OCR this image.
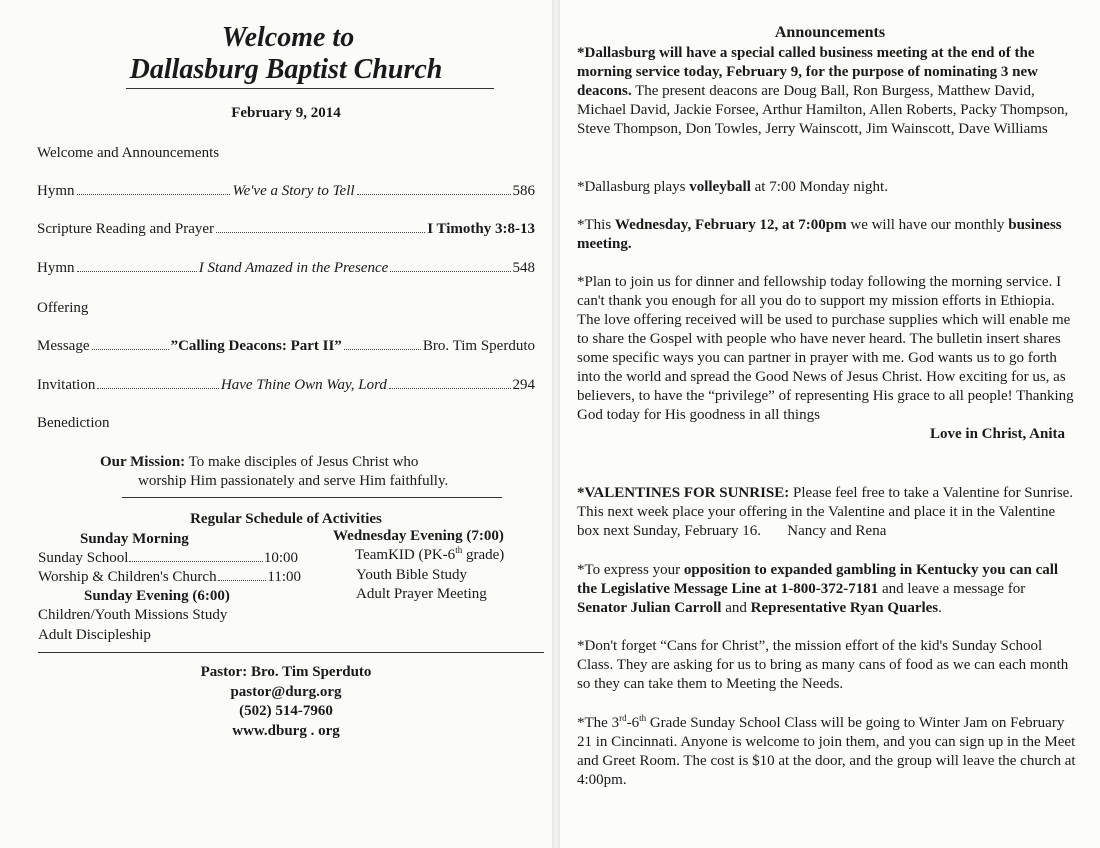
Welcome to
Dallasburg Baptist Church
February 9, 2014
Welcome and Announcements
Hymn	We've a Story to Tell	586
Scripture Reading and Prayer	I Timothy 3:8-13
Hymn	I Stand Amazed in the Presence	548
Offering
Message	”Calling Deacons: Part II”	Bro. Tim Sperduto
Invitation	Have Thine Own Way, Lord	294
Benediction
Our Mission: To make disciples of Jesus Christ who
worship Him passionately and serve Him faithfully.
Regular Schedule of Activities
Sunday Morning
Sunday School	10:00
Worship & Children's Church	11:00
Sunday Evening (6:00)
Children/Youth Missions Study
Adult Discipleship
Wednesday Evening (7:00)
TeamKID (PK-6th grade)
Youth Bible Study
Adult Prayer Meeting
Pastor: Bro. Tim Sperduto
pastor@durg.org
(502) 514-7960
www.dburg . org
Announcements
*Dallasburg will have a special called business meeting at the end of the morning service today, February 9, for the purpose of nominating 3 new deacons. The present deacons are Doug Ball, Ron Burgess, Matthew David, Michael David, Jackie Forsee, Arthur Hamilton, Allen Roberts, Packy Thompson, Steve Thompson, Don Towles, Jerry Wainscott, Jim Wainscott, Dave Williams
*Dallasburg plays volleyball at 7:00 Monday night.
*This Wednesday, February 12, at 7:00pm we will have our monthly business meeting.
*Plan to join us for dinner and fellowship today following the morning service. I can't thank you enough for all you do to support my mission efforts in Ethiopia. The love offering received will be used to purchase supplies which will enable me to share the Gospel with people who have never heard. The bulletin insert shares some specific ways you can partner in prayer with me. God wants us to go forth into the world and spread the Good News of Jesus Christ. How exciting for us, as believers, to have the “privilege” of representing His grace to all people! Thanking God today for His goodness in all things
Love in Christ, Anita
*VALENTINES FOR SUNRISE: Please feel free to take a Valentine for Sunrise. This next week place your offering in the Valentine and place it in the Valentine box next Sunday, February 16. Nancy and Rena
*To express your opposition to expanded gambling in Kentucky you can call the Legislative Message Line at 1-800-372-7181 and leave a message for Senator Julian Carroll and Representative Ryan Quarles.
*Don't forget “Cans for Christ”, the mission effort of the kid's Sunday School Class. They are asking for us to bring as many cans of food as we can each month so they can take them to Meeting the Needs.
*The 3rd-6th Grade Sunday School Class will be going to Winter Jam on February 21 in Cincinnati. Anyone is welcome to join them, and you can sign up in the Meet and Greet Room. The cost is $10 at the door, and the group will leave the church at 4:00pm.
